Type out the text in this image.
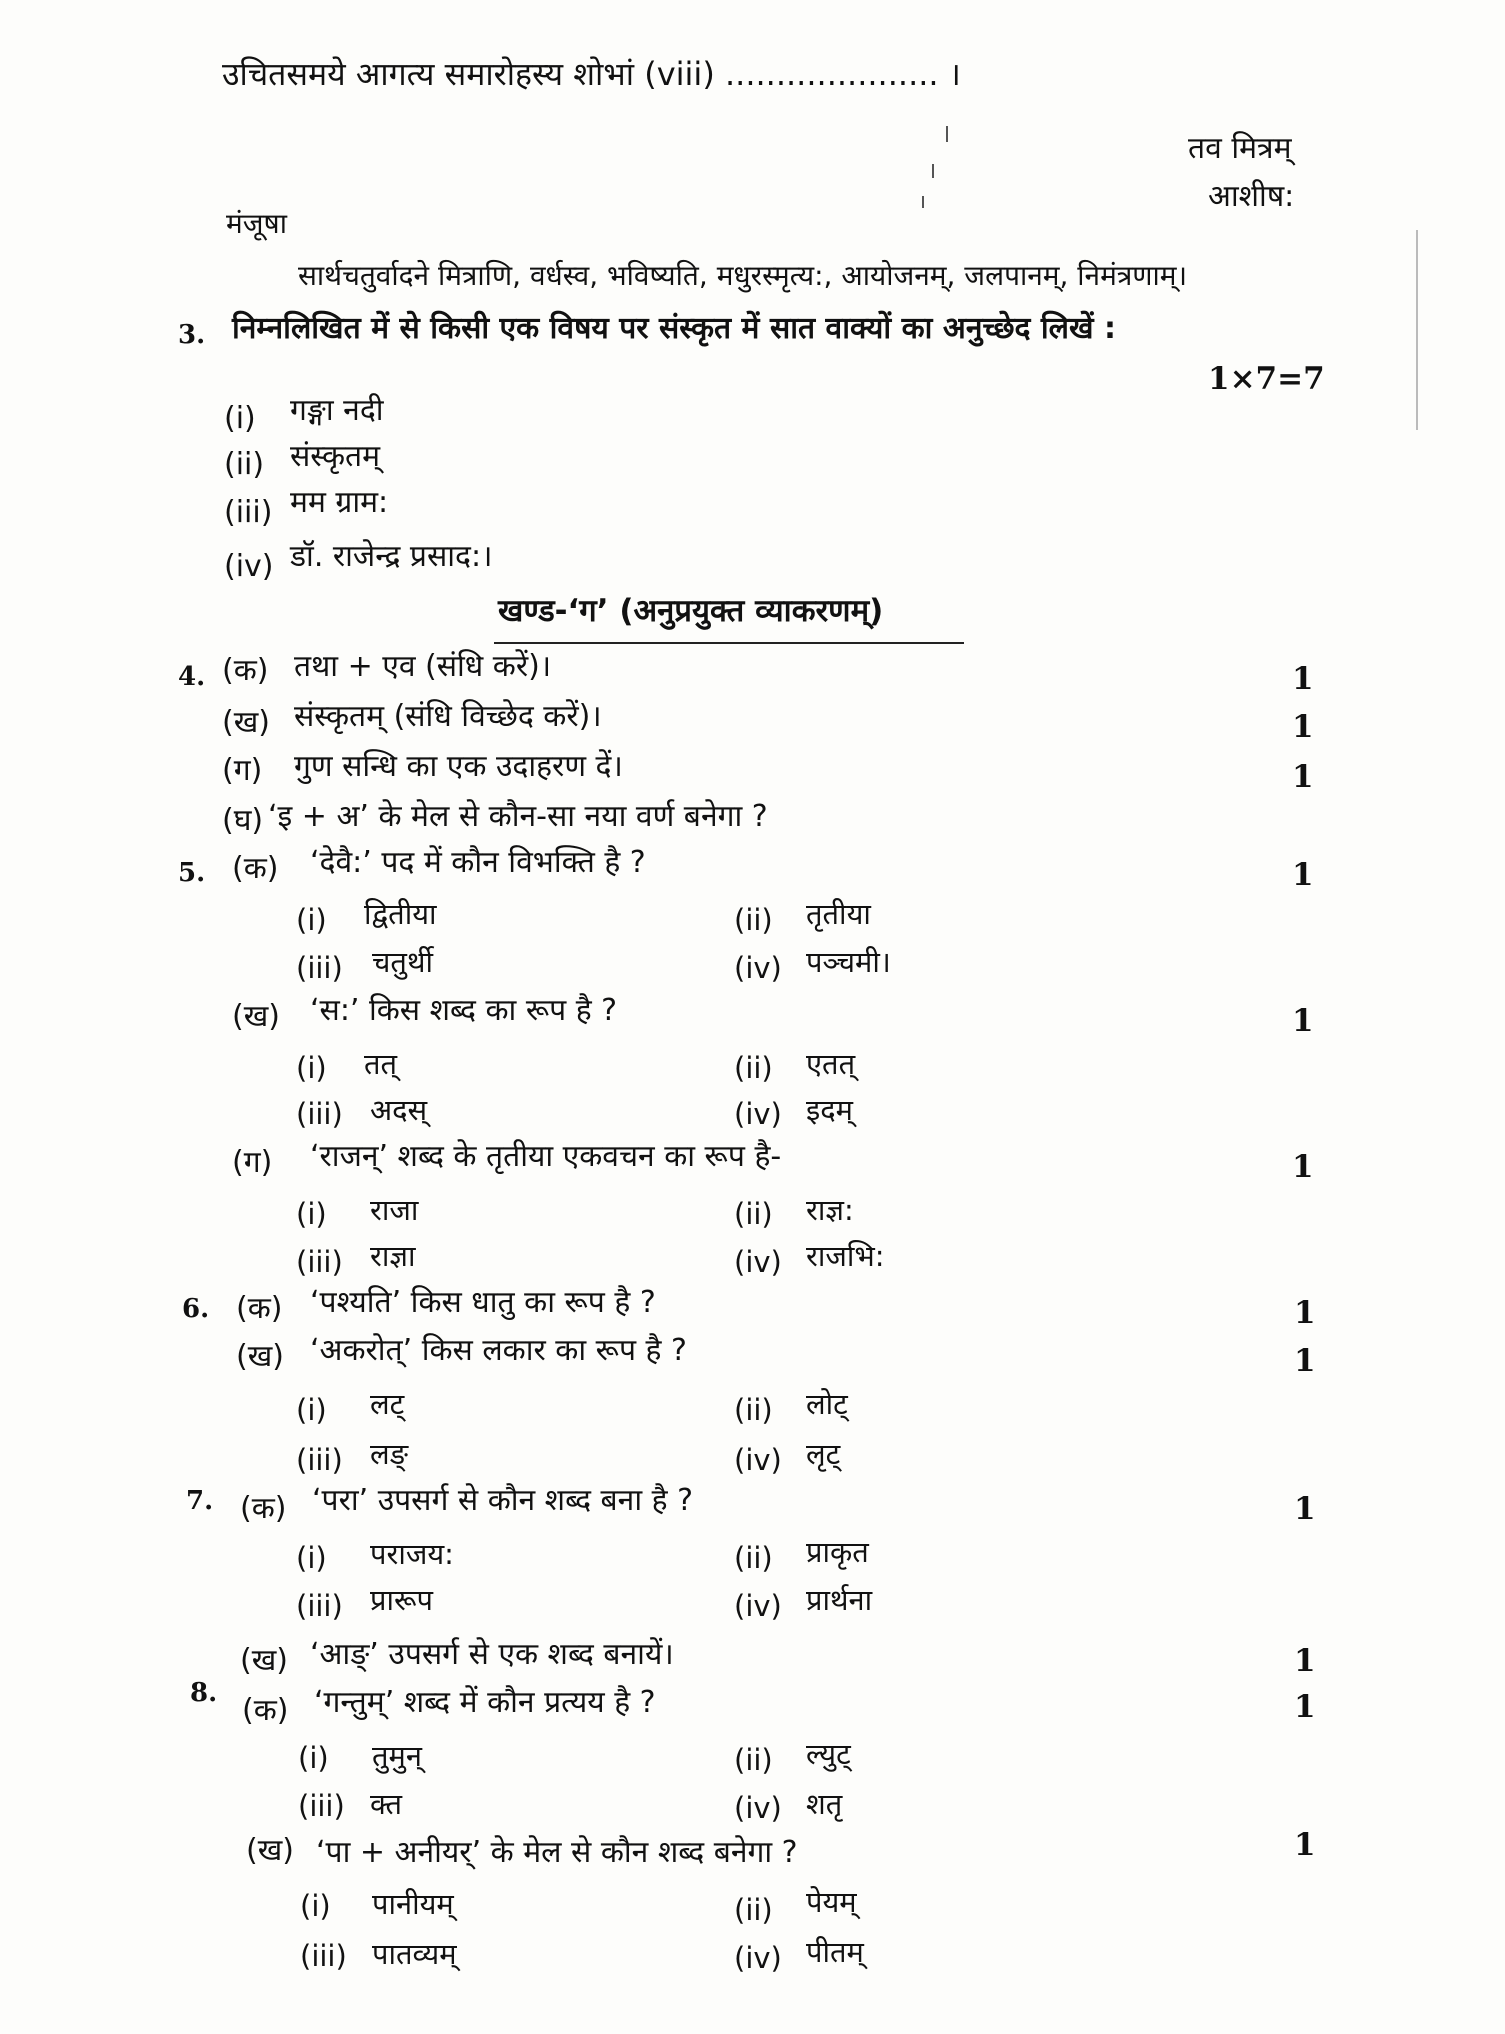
उचितसमये आगत्य समारोहस्य शोभां (viii) ..................... ।
तव मित्रम्
आशीष:
मंजूषा
सार्थचतुर्वादने मित्राणि, वर्धस्व, भविष्यति, मधुरस्मृत्य:, आयोजनम्, जलपानम्, निमंत्रणाम्।
3. निम्नलिखित में से किसी एक विषय पर संस्कृत में सात वाक्यों का अनुच्छेद लिखें :
1×7=7
(i) गङ्गा नदी
(ii) संस्कृतम्
(iii) मम ग्राम:
(iv) डॉ. राजेन्द्र प्रसाद:।
खण्ड-‘ग’ (अनुप्रयुक्त व्याकरणम्)
4. (क) तथा + एव (संधि करें)।	1
(ख) संस्कृतम् (संधि विच्छेद करें)।	1
(ग) गुण सन्धि का एक उदाहरण दें।	1
(घ) ‘इ + अ’ के मेल से कौन-सा नया वर्ण बनेगा ?
5. (क) ‘देवै:’ पद में कौन विभक्ति है ?	1
(i) द्वितीया	(ii) तृतीया
(iii) चतुर्थी	(iv) पञ्चमी।
(ख) ‘स:’ किस शब्द का रूप है ?	1
(i) तत्	(ii) एतत्
(iii) अदस्	(iv) इदम्
(ग) ‘राजन्’ शब्द के तृतीया एकवचन का रूप है-	1
(i) राजा	(ii) राज्ञ:
(iii) राज्ञा	(iv) राजभि:
6. (क) ‘पश्यति’ किस धातु का रूप है ?	1
(ख) ‘अकरोत्’ किस लकार का रूप है ?	1
(i) लट्	(ii) लोट्
(iii) लङ्	(iv) लृट्
7. (क) ‘परा’ उपसर्ग से कौन शब्द बना है ?	1
(i) पराजय:	(ii) प्राकृत
(iii) प्रारूप	(iv) प्रार्थना
(ख) ‘आङ्’ उपसर्ग से एक शब्द बनायें।	1
8. (क) ‘गन्तुम्’ शब्द में कौन प्रत्यय है ?	1
(i) तुमुन्	(ii) ल्युट्
(iii) क्त	(iv) शतृ
(ख) ‘पा + अनीयर्’ के मेल से कौन शब्द बनेगा ?	1
(i) पानीयम्	(ii) पेयम्
(iii) पातव्यम्	(iv) पीतम्
